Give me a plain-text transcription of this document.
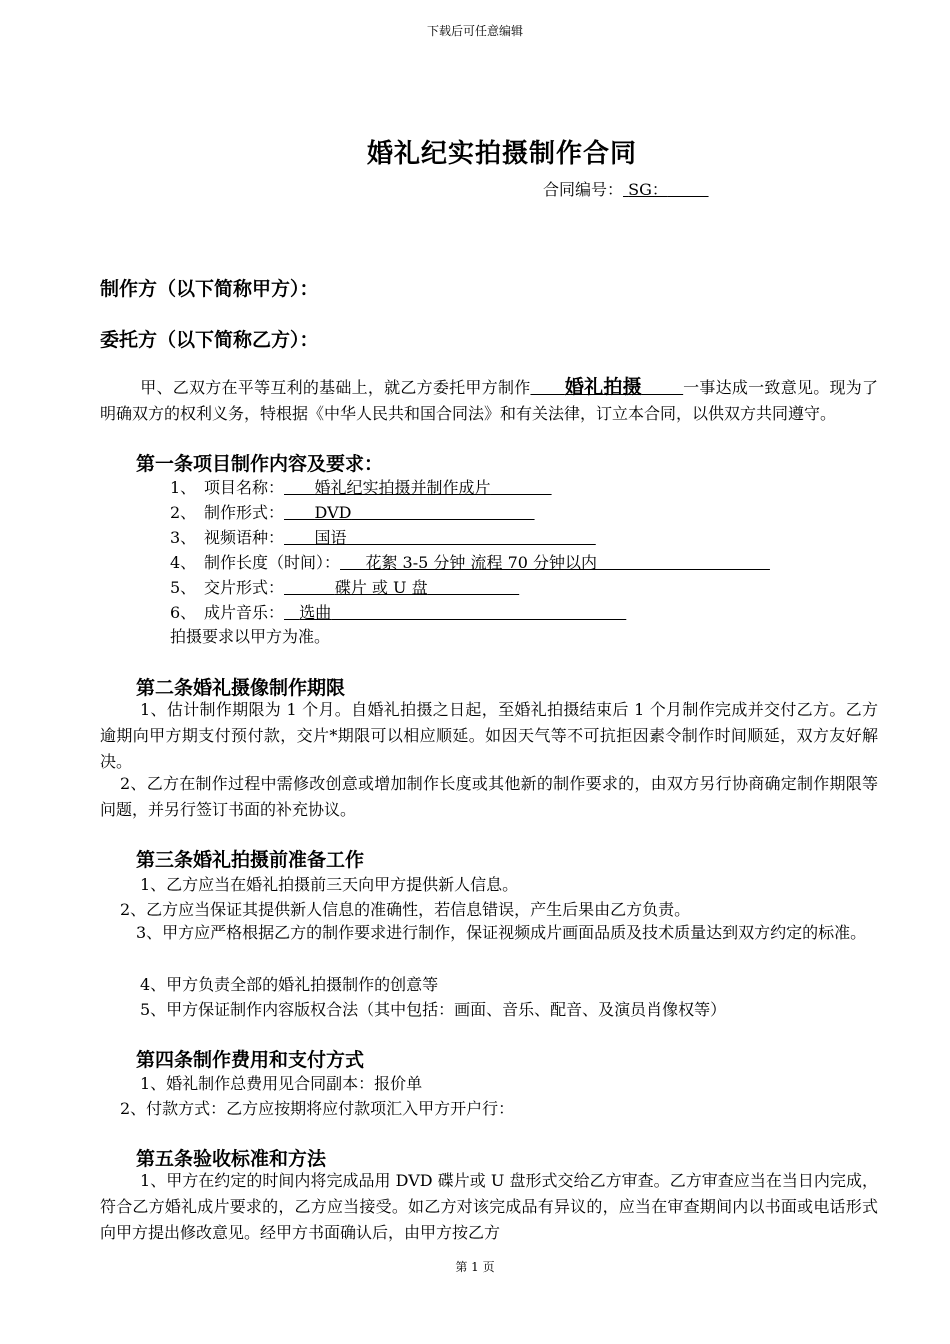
下载后可任意编辑
婚礼纪实拍摄制作合同
合同编号： SG：
制作方（以下简称甲方）：
委托方（以下简称乙方）：
甲、乙双方在平等互利的基础上，就乙方委托甲方制作 婚礼拍摄	一事达成一致意见。现为了明确双方的权利义务，特根据《中华人民共和国合同法》和有关法律，订立本合同，以供双方共同遵守。
第一条项目制作内容及要求：
1、 项目名称： 婚礼纪实拍摄并制作成片
2、 制作形式： DVD
3、 视频语种： 国语
4、 制作长度（时间）： 花絮 3-5 分钟 流程 70 分钟以内
5、 交片形式：	碟片 或 U 盘
6、 成片音乐： 选曲
拍摄要求以甲方为准。
第二条婚礼摄像制作期限
1、估计制作期限为 1 个月。自婚礼拍摄之日起，至婚礼拍摄结束后 1 个月制作完成并交付乙方。乙方逾期向甲方期支付预付款，交片*期限可以相应顺延。如因天气等不可抗拒因素令制作时间顺延，双方友好解决。
2、乙方在制作过程中需修改创意或增加制作长度或其他新的制作要求的，由双方另行协商确定制作期限等问题，并另行签订书面的补充协议。
第三条婚礼拍摄前准备工作
1、乙方应当在婚礼拍摄前三天向甲方提供新人信息。
2、乙方应当保证其提供新人信息的准确性，若信息错误，产生后果由乙方负责。
3、甲方应严格根据乙方的制作要求进行制作，保证视频成片画面品质及技术质量达到双方约定的标准。
4、甲方负责全部的婚礼拍摄制作的创意等
5、甲方保证制作内容版权合法（其中包括：画面、音乐、配音、及演员肖像权等）
第四条制作费用和支付方式
1、婚礼制作总费用见合同副本：报价单
2、付款方式：乙方应按期将应付款项汇入甲方开户行：
第五条验收标准和方法
1、甲方在约定的时间内将完成品用 DVD 碟片或 U 盘形式交给乙方审查。乙方审查应当在当日内完成，符合乙方婚礼成片要求的，乙方应当接受。如乙方对该完成品有异议的，应当在审查期间内以书面或电话形式向甲方提出修改意见。经甲方书面确认后，由甲方按乙方
第 1 页
